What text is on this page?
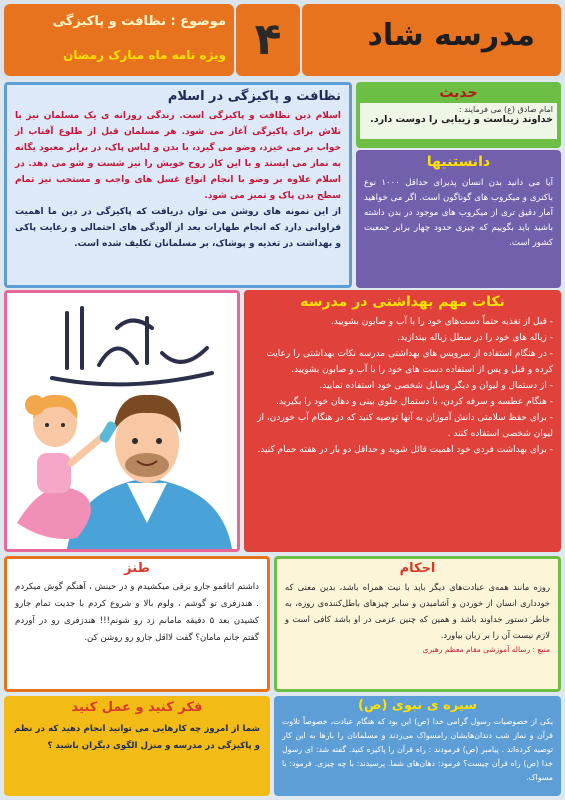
موضوع : نظافت و پاکیزگی
ویژه نامه ماه مبارک رمضان ۴	مدرسه شاد
نظافت و پاکیزگی در اسلام
اسلام دین نظافت و پاکیزگی است. زندگی روزانه ی یک مسلمان نیز با تلاش برای پاکیزگی آغاز می شود. هر مسلمان قبل از طلوع آفتاب از خواب بر می خیزد، وضو می گیرد، با بدن و لباس پاک، در برابر معبود یگانه به نماز می ایستد و با این کار روح خویش را نیز شست و شو می دهد. در اسلام علاوه بر وضو با انجام انواع غسل های واجب و مستحب نیز تمام سطح بدن پاک و تمیز می شود.
از این نمونه های روشن می توان دریافت که پاکیزگی در دین ما اهمیت فراوانی دارد که انجام طهارات بعد از آلودگی های احتمالی و رعایت پاکی و بهداشت در تغذیه و پوشاک، بر مسلمانان تکلیف شده است.
حدیث
امام صادق (ع) می فرمایند :
خداوند زیباست و زیبایی را دوست دارد.
دانستنیها
آیا می دانید بدن انسان پذیرای حداقل ۱۰۰۰ نوع باکتری و میکروب های گوناگون است. اگر می خواهید آمار دقیق تری از میکروب های موجود در بدن داشته باشید باید بگوییم که چیزی حدود چهار برابر جمعیت کشور است.
نکات مهم بهداشتی در مدرسه
- قبل از تغذیه حتماً دست‌های خود را با آب و صابون بشویید.
- زباله های خود را در سطل زباله بیندازید.
- در هنگام استفاده از سرویس های بهداشتی مدرسه نکات بهداشتی را رعایت کرده و قبل و پس از استفاده دست های خود را با آب و صابون بشویید.
- از دستمال و لیوان و دیگر وسایل شخصی خود استفاده نمایید.
- هنگام عطسه و سرفه کردن، با دستمال جلوی بینی و دهان خود را بگیرید.
- برای حفظ سلامتی دانش آموزان به آنها توصیه کنید که در هنگام آب خوردن، از لیوان شخصی استفاده کنند .
- برای بهداشت فردی خود اهمیت قائل شوید و حداقل دو بار در هفته حمام کنید.
طنز
داشتم اتاقمو جارو برقی میکشیدم و در حینش ، آهنگم گوش میکردم . هندزفری تو گوشم ، ولوم بالا و شروع کردم با جدیت تمام جارو کشیدن بعد ۵ دقیقه مامانم زد رو شونم!!! هندزفری رو در آوردم گفتم جانم مامان؟ گفت لااقل جارو رو روشن کن.
احکام
روزه مانند همه‌ی عبادت‌های دیگر باید با نیت همراه باشد، بدین معنی که خودداری انسان از خوردن و آشامیدن و سایر چیزهای باطل‌کننده‌ی روزه، به خاطر دستور خداوند باشد و همین که چنین عزمی در او باشد کافی است و لازم نیست آن را بر زبان بیاورد.
منبع : رساله آموزشی مقام معظم رهبری
فکر کنید و عمل کنید
شما از امروز چه کارهایی می توانید انجام دهید که در نظم و پاکیزگی در مدرسه و منزل الگوی دیگران باشید ؟
سیره ی نبوی (ص)
یکی از خصوصیات رسول گرامی خدا (ص) این بود که هنگام عبادت، خصوصاً تلاوت قرآن و نماز شب دندان‌هایشان رامسواک می‌زدند و مسلمانان را بارها به این کار توصیه کرده‌اند . پیامبر (ص) فرمودند : راه قرآن را پاکیزه کنید. گفته شد: ای رسول خدا (ص) راه قرآن چیست؟ فرمود: دهان‌های شما. پرسیدند: با چه چیزی. فرمود: با مسواک.
